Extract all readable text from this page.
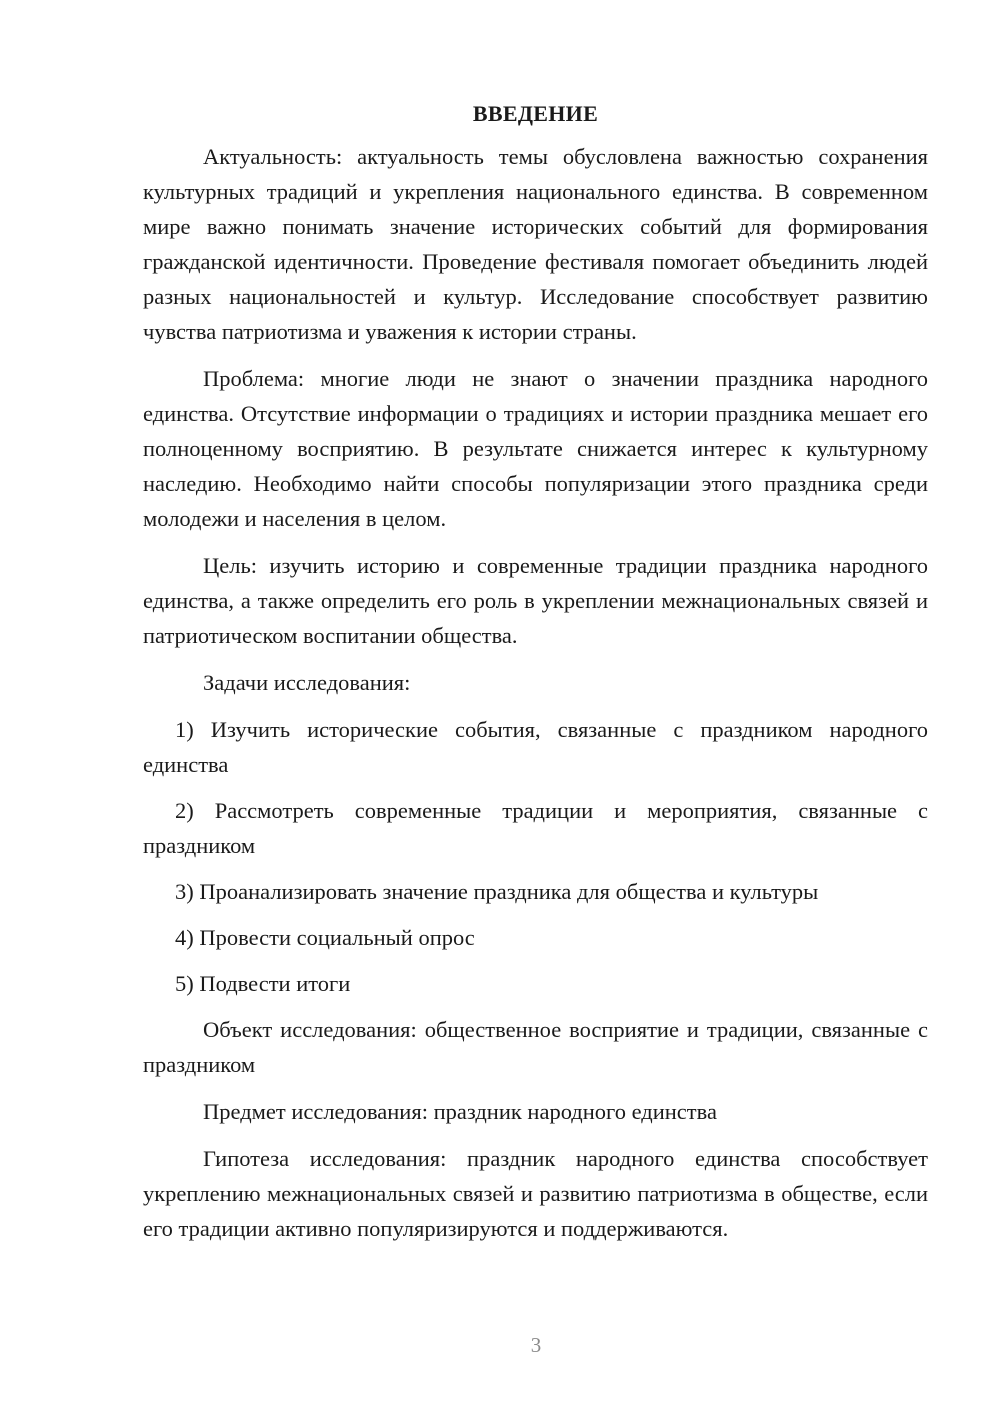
ВВЕДЕНИЕ

Актуальность: актуальность темы обусловлена важностью сохранения культурных традиций и укрепления национального единства. В современном мире важно понимать значение исторических событий для формирования гражданской идентичности. Проведение фестиваля помогает объединить людей разных национальностей и культур. Исследование способствует развитию чувства патриотизма и уважения к истории страны.

Проблема: многие люди не знают о значении праздника народного единства. Отсутствие информации о традициях и истории праздника мешает его полноценному восприятию. В результате снижается интерес к культурному наследию. Необходимо найти способы популяризации этого праздника среди молодежи и населения в целом.

Цель: изучить историю и современные традиции праздника народного единства, а также определить его роль в укреплении межнациональных связей и патриотическом воспитании общества.

Задачи исследования:

1) Изучить исторические события, связанные с праздником народного единства

2) Рассмотреть современные традиции и мероприятия, связанные с праздником

3) Проанализировать значение праздника для общества и культуры

4) Провести социальный опрос

5) Подвести итоги

Объект исследования: общественное восприятие и традиции, связанные с праздником

Предмет исследования: праздник народного единства

Гипотеза исследования: праздник народного единства способствует укреплению межнациональных связей и развитию патриотизма в обществе, если его традиции активно популяризируются и поддерживаются.

3
